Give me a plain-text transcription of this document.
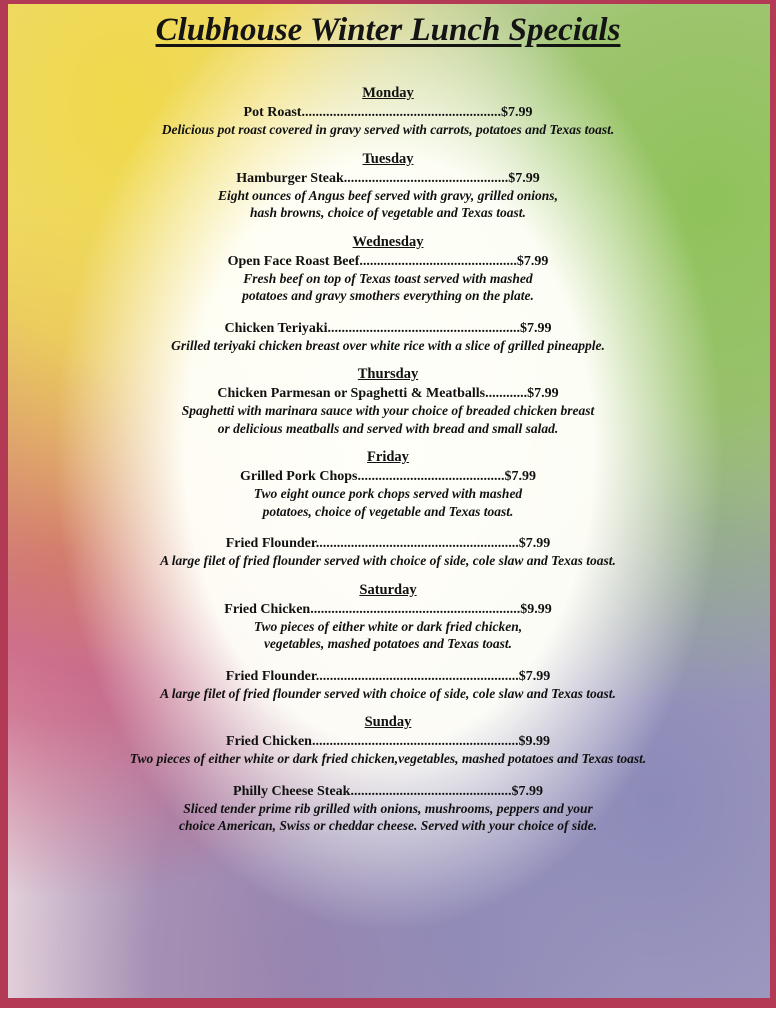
Clubhouse Winter Lunch Specials
Monday
Pot Roast.........................................................$7.99
Delicious pot roast covered in gravy served with carrots, potatoes and Texas toast.
Tuesday
Hamburger Steak...............................................$7.99
Eight ounces of Angus beef served with gravy, grilled onions,
hash browns, choice of vegetable and Texas toast.
Wednesday
Open Face Roast Beef.............................................$7.99
Fresh beef on top of Texas toast served with mashed
potatoes and gravy smothers everything on the plate.
Chicken Teriyaki.......................................................$7.99
Grilled teriyaki chicken breast over white rice with a slice of grilled pineapple.
Thursday
Chicken Parmesan or Spaghetti & Meatballs............$7.99
Spaghetti with marinara sauce with your choice of breaded chicken breast
or delicious meatballs and served with bread and small salad.
Friday
Grilled Pork Chops..........................................$7.99
Two eight ounce pork chops served with mashed
potatoes, choice of vegetable and Texas toast.
Fried Flounder..........................................................$7.99
A large filet of fried flounder served with choice of side, cole slaw and Texas toast.
Saturday
Fried Chicken............................................................$9.99
Two pieces of either white or dark fried chicken,
vegetables, mashed potatoes and Texas toast.
Fried Flounder..........................................................$7.99
A large filet of fried flounder served with choice of side, cole slaw and Texas toast.
Sunday
Fried Chicken...........................................................$9.99
Two pieces of either white or dark fried chicken,vegetables, mashed potatoes and Texas toast.
Philly Cheese Steak..............................................$7.99
Sliced tender prime rib grilled with onions, mushrooms, peppers and your
choice American, Swiss or cheddar cheese. Served with your choice of side.
